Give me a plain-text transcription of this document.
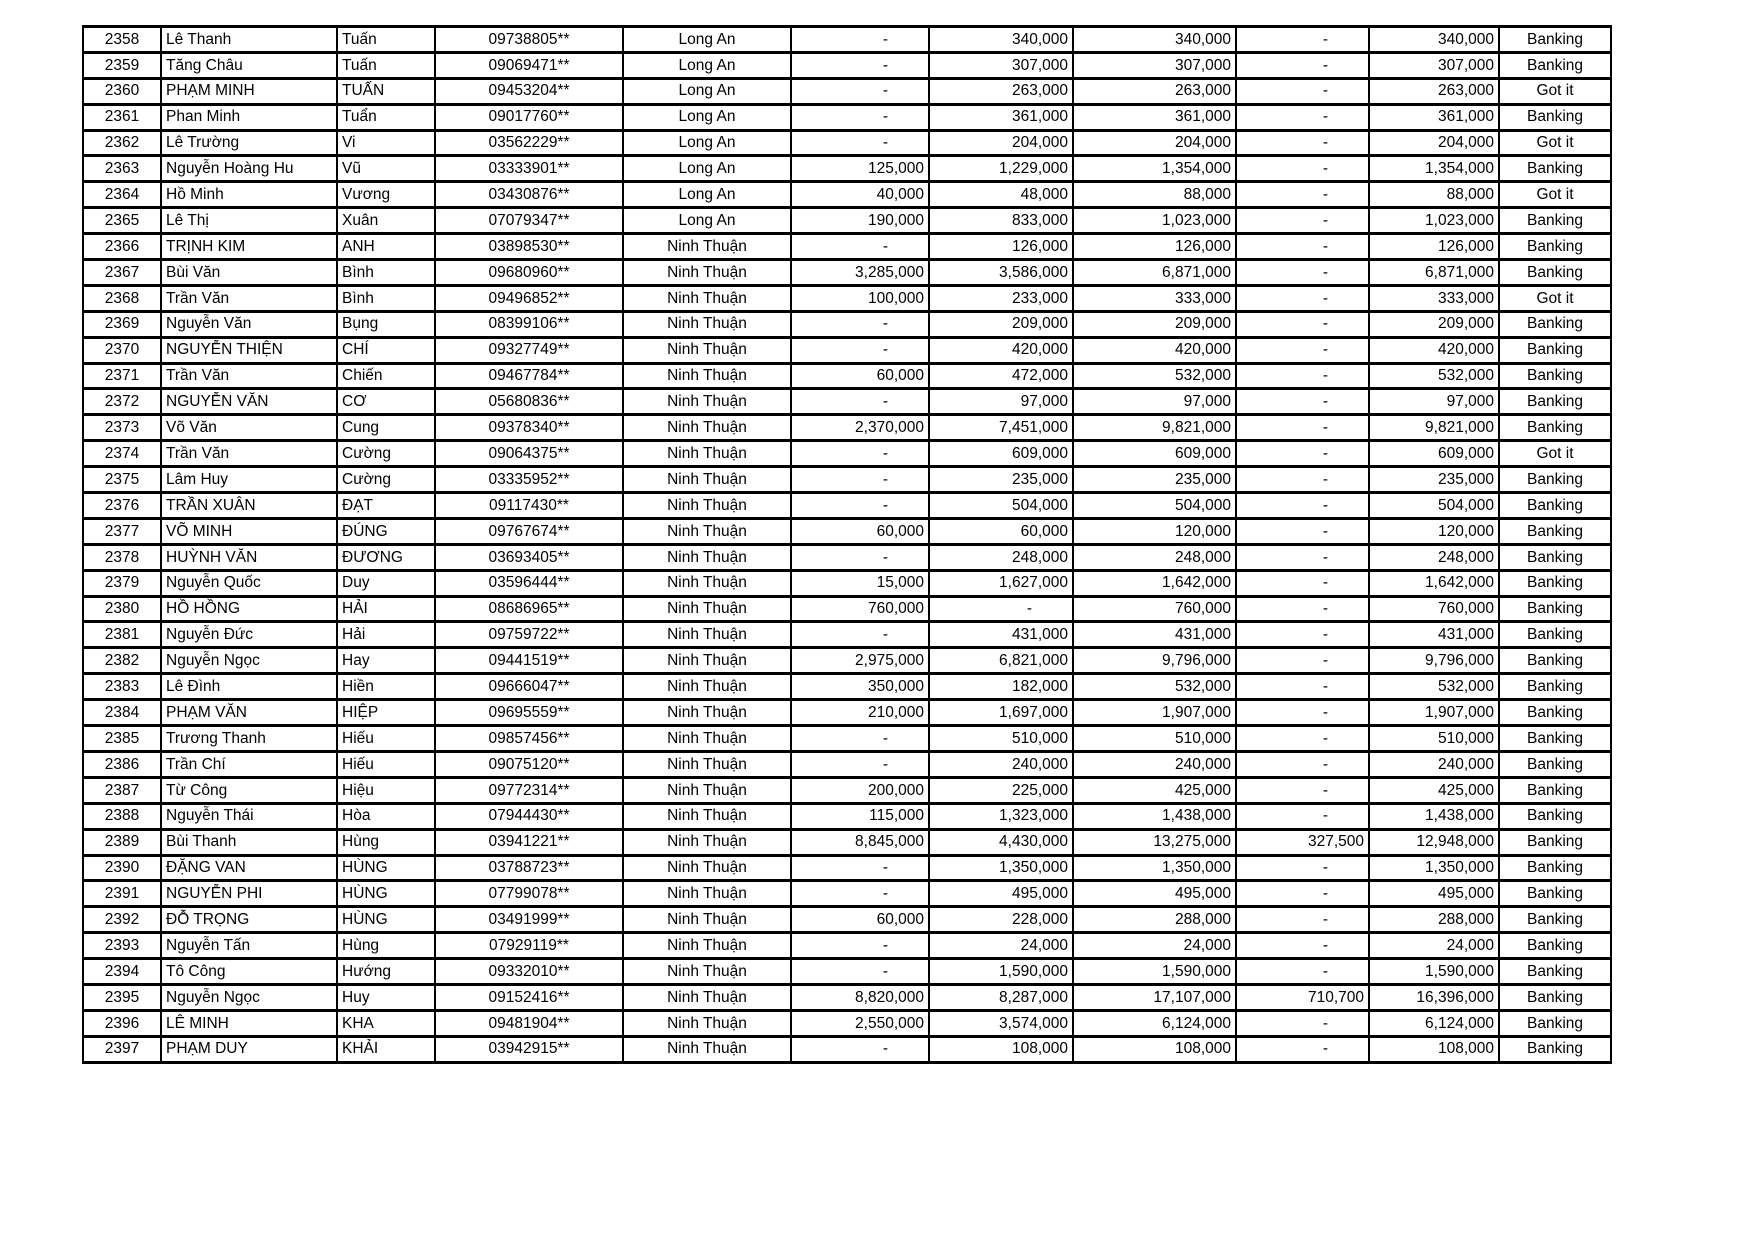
2358	Lê Thanh	Tuấn	09738805**	Long An	-	340,000	340,000	-	340,000	Banking
2359	Tăng Châu	Tuấn	09069471**	Long An	-	307,000	307,000	-	307,000	Banking
2360	PHẠM MINH	TUẤN	09453204**	Long An	-	263,000	263,000	-	263,000	Got it
2361	Phan Minh	Tuẩn	09017760**	Long An	-	361,000	361,000	-	361,000	Banking
2362	Lê Trường	Vi	03562229**	Long An	-	204,000	204,000	-	204,000	Got it
2363	Nguyễn Hoàng Hu	Vũ	03333901**	Long An	125,000	1,229,000	1,354,000	-	1,354,000	Banking
2364	Hồ Minh	Vương	03430876**	Long An	40,000	48,000	88,000	-	88,000	Got it
2365	Lê Thị	Xuân	07079347**	Long An	190,000	833,000	1,023,000	-	1,023,000	Banking
2366	TRỊNH KIM	ANH	03898530**	Ninh Thuận	-	126,000	126,000	-	126,000	Banking
2367	Bùi Văn	Bình	09680960**	Ninh Thuận	3,285,000	3,586,000	6,871,000	-	6,871,000	Banking
2368	Trần Văn	Bình	09496852**	Ninh Thuận	100,000	233,000	333,000	-	333,000	Got it
2369	Nguyễn Văn	Bụng	08399106**	Ninh Thuận	-	209,000	209,000	-	209,000	Banking
2370	NGUYỄN THIỆN	CHÍ	09327749**	Ninh Thuận	-	420,000	420,000	-	420,000	Banking
2371	Trần Văn	Chiến	09467784**	Ninh Thuận	60,000	472,000	532,000	-	532,000	Banking
2372	NGUYỄN VĂN	CƠ	05680836**	Ninh Thuận	-	97,000	97,000	-	97,000	Banking
2373	Võ Văn	Cung	09378340**	Ninh Thuận	2,370,000	7,451,000	9,821,000	-	9,821,000	Banking
2374	Trần Văn	Cường	09064375**	Ninh Thuận	-	609,000	609,000	-	609,000	Got it
2375	Lâm Huy	Cường	03335952**	Ninh Thuận	-	235,000	235,000	-	235,000	Banking
2376	TRẦN XUÂN	ĐẠT	09117430**	Ninh Thuận	-	504,000	504,000	-	504,000	Banking
2377	VÕ MINH	ĐÚNG	09767674**	Ninh Thuận	60,000	60,000	120,000	-	120,000	Banking
2378	HUỲNH VĂN	ĐƯƠNG	03693405**	Ninh Thuận	-	248,000	248,000	-	248,000	Banking
2379	Nguyễn Quốc	Duy	03596444**	Ninh Thuận	15,000	1,627,000	1,642,000	-	1,642,000	Banking
2380	HỒ HỒNG	HẢI	08686965**	Ninh Thuận	760,000	-	760,000	-	760,000	Banking
2381	Nguyễn Đức	Hải	09759722**	Ninh Thuận	-	431,000	431,000	-	431,000	Banking
2382	Nguyễn Ngọc	Hay	09441519**	Ninh Thuận	2,975,000	6,821,000	9,796,000	-	9,796,000	Banking
2383	Lê Đình	Hiền	09666047**	Ninh Thuận	350,000	182,000	532,000	-	532,000	Banking
2384	PHẠM VĂN	HIỆP	09695559**	Ninh Thuận	210,000	1,697,000	1,907,000	-	1,907,000	Banking
2385	Trương Thanh	Hiếu	09857456**	Ninh Thuận	-	510,000	510,000	-	510,000	Banking
2386	Trần Chí	Hiếu	09075120**	Ninh Thuận	-	240,000	240,000	-	240,000	Banking
2387	Từ Công	Hiệu	09772314**	Ninh Thuận	200,000	225,000	425,000	-	425,000	Banking
2388	Nguyễn Thái	Hòa	07944430**	Ninh Thuận	115,000	1,323,000	1,438,000	-	1,438,000	Banking
2389	Bùi Thanh	Hùng	03941221**	Ninh Thuận	8,845,000	4,430,000	13,275,000	327,500	12,948,000	Banking
2390	ĐẶNG VAN	HÙNG	03788723**	Ninh Thuận	-	1,350,000	1,350,000	-	1,350,000	Banking
2391	NGUYỄN PHI	HÙNG	07799078**	Ninh Thuận	-	495,000	495,000	-	495,000	Banking
2392	ĐỖ TRỌNG	HÙNG	03491999**	Ninh Thuận	60,000	228,000	288,000	-	288,000	Banking
2393	Nguyễn Tấn	Hùng	07929119**	Ninh Thuận	-	24,000	24,000	-	24,000	Banking
2394	Tô Công	Hướng	09332010**	Ninh Thuận	-	1,590,000	1,590,000	-	1,590,000	Banking
2395	Nguyễn Ngọc	Huy	09152416**	Ninh Thuận	8,820,000	8,287,000	17,107,000	710,700	16,396,000	Banking
2396	LÊ MINH	KHA	09481904**	Ninh Thuận	2,550,000	3,574,000	6,124,000	-	6,124,000	Banking
2397	PHẠM DUY	KHẢI	03942915**	Ninh Thuận	-	108,000	108,000	-	108,000	Banking
